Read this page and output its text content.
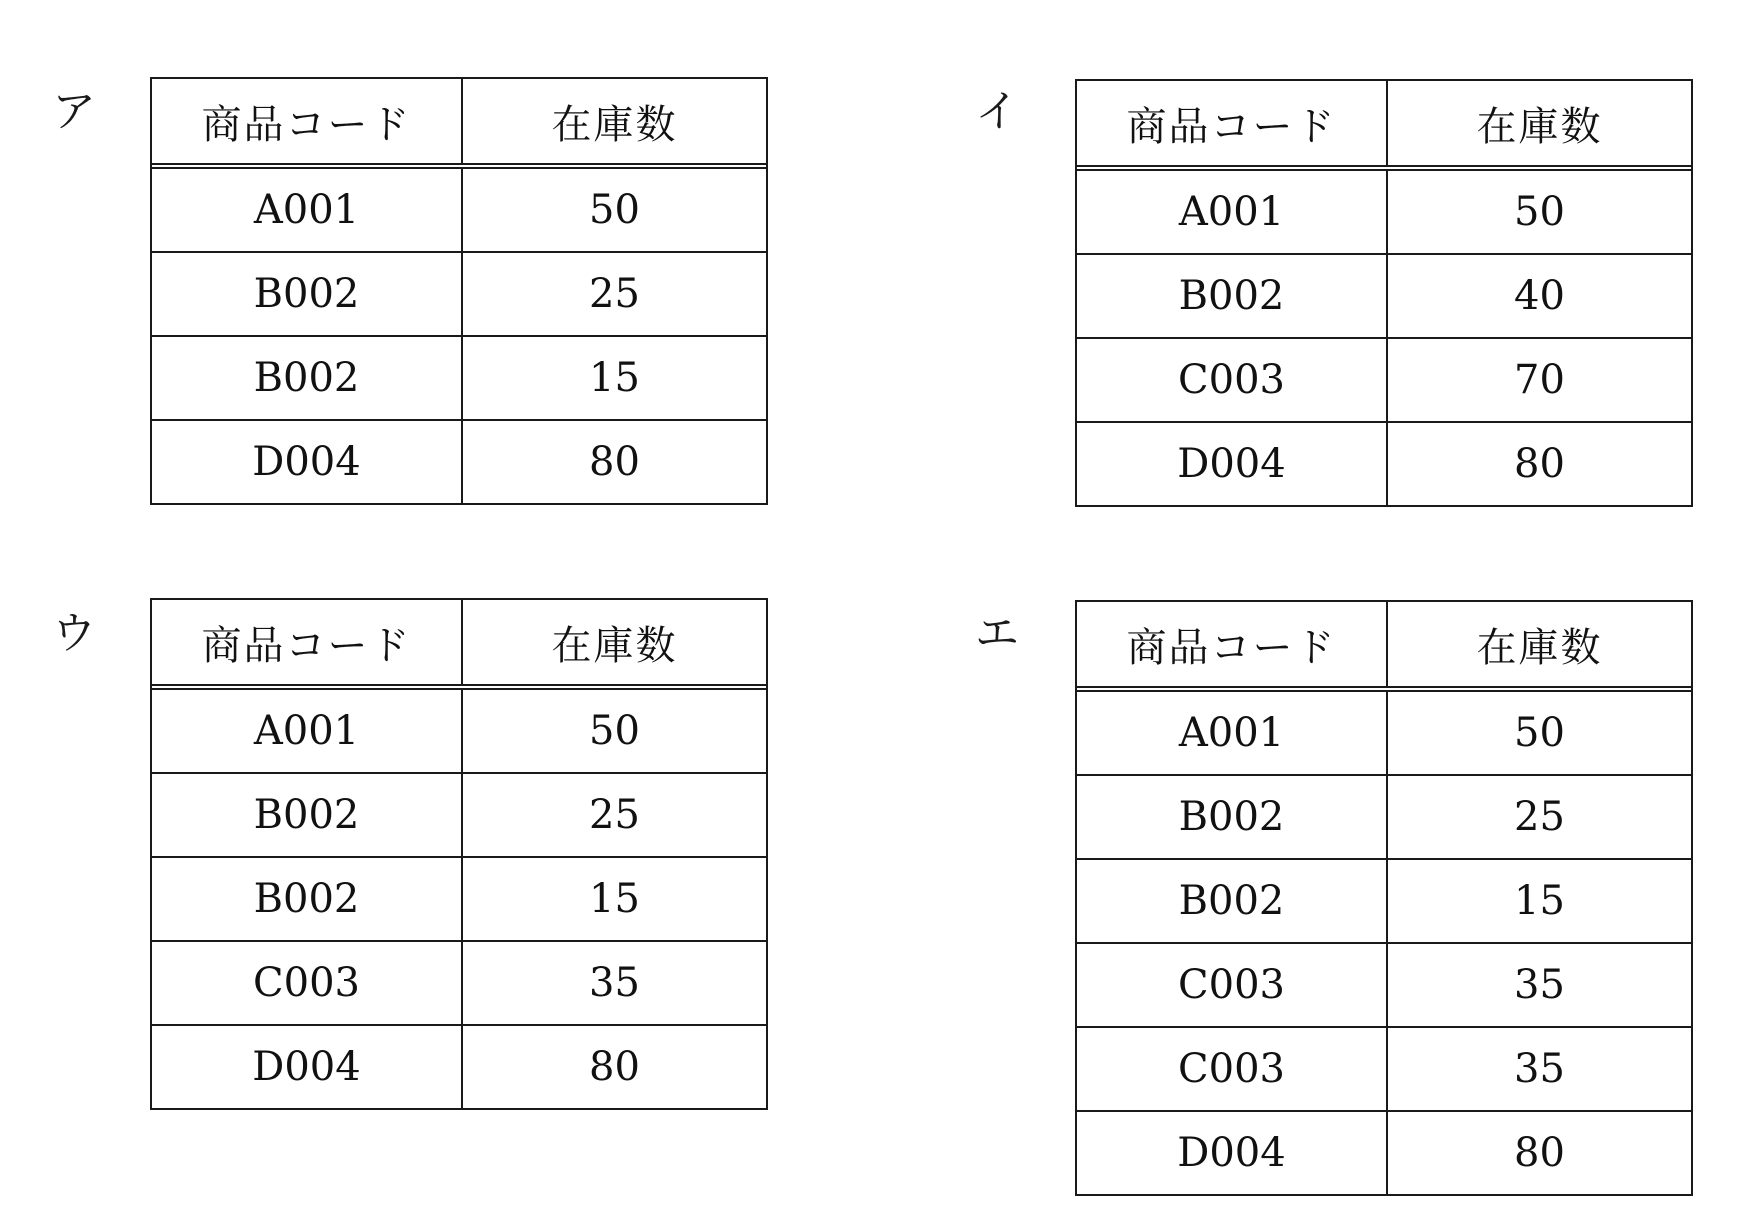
ア	商品コード	在庫数
A001	50
B002	25
B002	15
D004	80
イ	商品コード	在庫数
A001	50
B002	40
C003	70
D004	80
ウ	商品コード	在庫数
A001	50
B002	25
B002	15
C003	35
D004	80
エ	商品コード	在庫数
A001	50
B002	25
B002	15
C003	35
C003	35
D004	80
